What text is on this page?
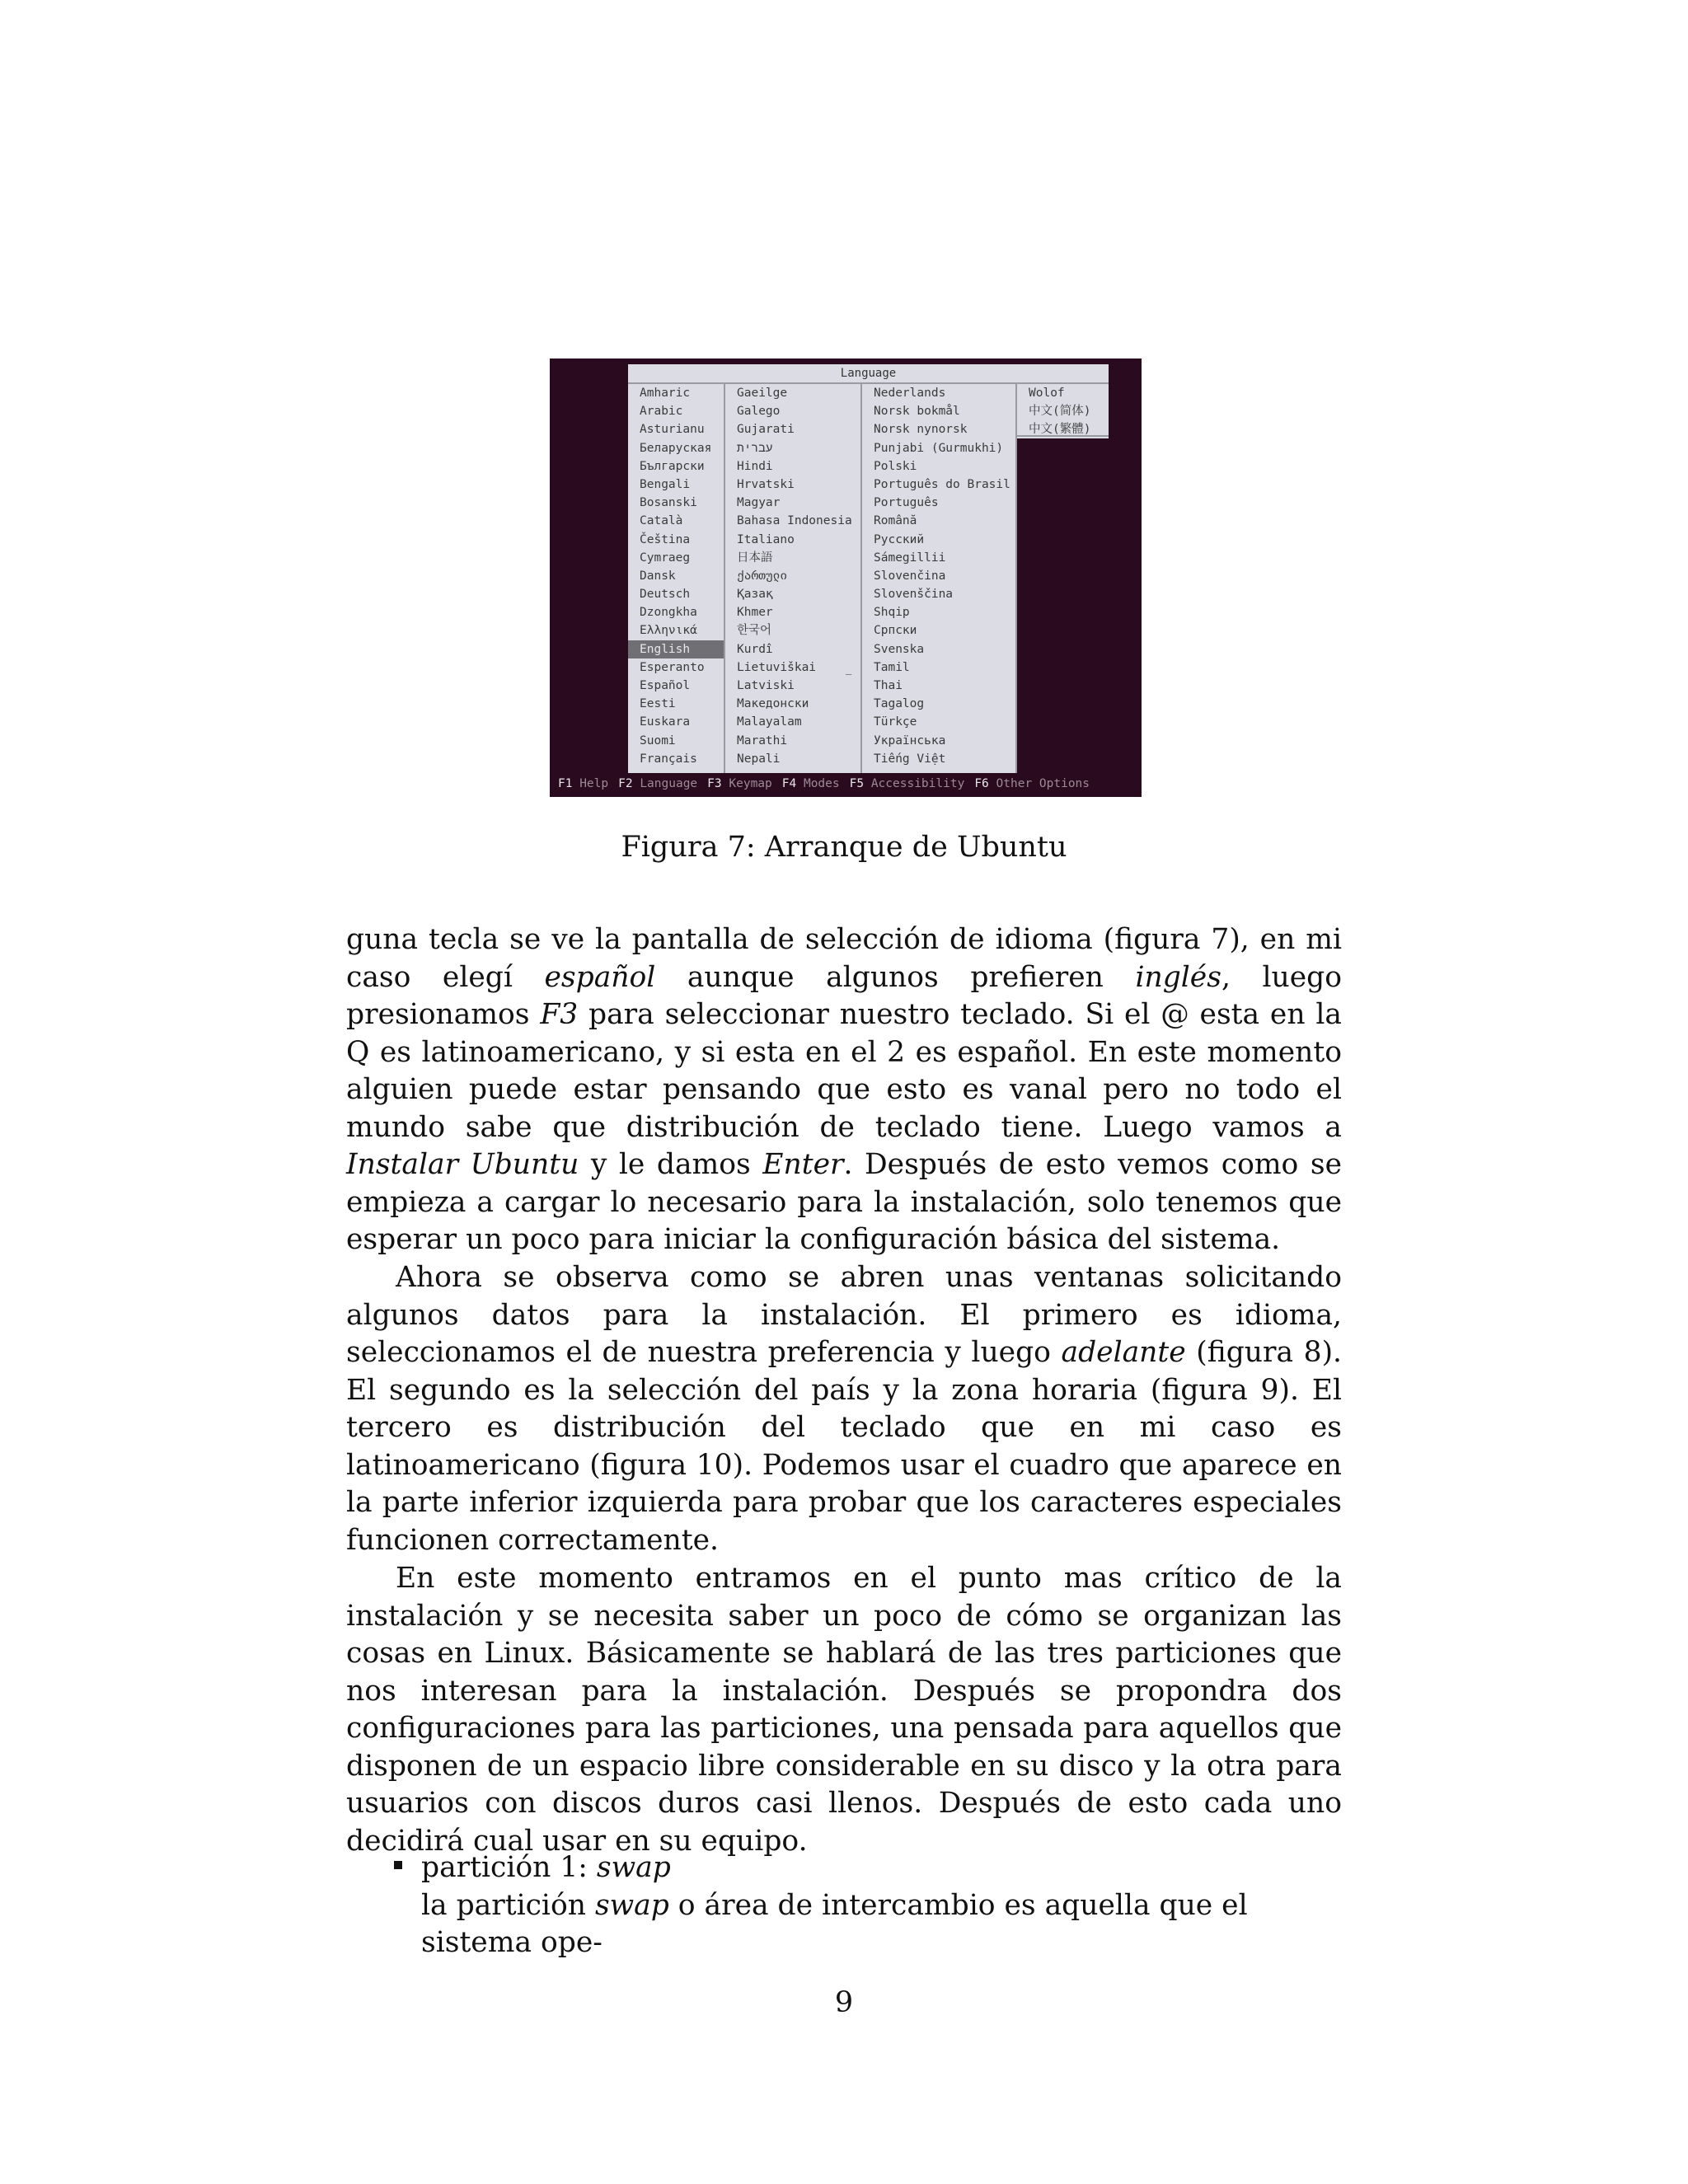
Language
Amharic
Arabic
Asturianu
Беларуская
Български
Bengali
Bosanski
Català
Čeština
Cymraeg
Dansk
Deutsch
Dzongkha
Ελληνικά
English
Esperanto
Español
Eesti
Euskara
Suomi
Français
Gaeilge
Galego
Gujarati
עברית
Hindi
Hrvatski
Magyar
Bahasa Indonesia
Italiano
日本語
ქართული
Қазақ
Khmer
한국어
Kurdî
Lietuviškai
Latviski
Македонски
Malayalam
Marathi
Nepali
Nederlands
Norsk bokmål
Norsk nynorsk
Punjabi (Gurmukhi)
Polski
Português do Brasil
Português
Română
Русский
Sámegillii
Slovenčina
Slovenščina
Shqip
Српски
Svenska
Tamil
Thai
Tagalog
Türkçe
Українська
Tiếng Việt
Wolof
中文(简体)
中文(繁體)
—
F1 Help F2 Language F3 Keymap F4 Modes F5 Accessibility F6 Other Options
Figura 7: Arranque de Ubuntu

guna tecla se ve la pantalla de selección de idioma (figura 7), en mi caso elegí español aunque algunos prefieren inglés, luego presionamos F3 para seleccionar nuestro teclado. Si el @ esta en la Q es latinoamericano, y si esta en el 2 es español. En este momento alguien puede estar pensando que esto es vanal pero no todo el mundo sabe que distribución de teclado tiene. Luego vamos a Instalar Ubuntu y le damos Enter. Después de esto vemos como se empieza a cargar lo necesario para la instalación, solo tenemos que esperar un poco para iniciar la configuración básica del sistema.

Ahora se observa como se abren unas ventanas solicitando algunos datos para la instalación. El primero es idioma, seleccionamos el de nuestra preferencia y luego adelante (figura 8). El segundo es la selección del país y la zona horaria (figura 9). El tercero es distribución del teclado que en mi caso es latinoamericano (figura 10). Podemos usar el cuadro que aparece en la parte inferior izquierda para probar que los caracteres especiales funcionen correctamente.

En este momento entramos en el punto mas crítico de la instalación y se necesita saber un poco de cómo se organizan las cosas en Linux. Básicamente se hablará de las tres particiones que nos interesan para la instalación. Después se propondra dos configuraciones para las particiones, una pensada para aquellos que disponen de un espacio libre considerable en su disco y la otra para usuarios con discos duros casi llenos. Después de esto cada uno decidirá cual usar en su equipo.

partición 1: swap
la partición swap o área de intercambio es aquella que el sistema ope-
9
